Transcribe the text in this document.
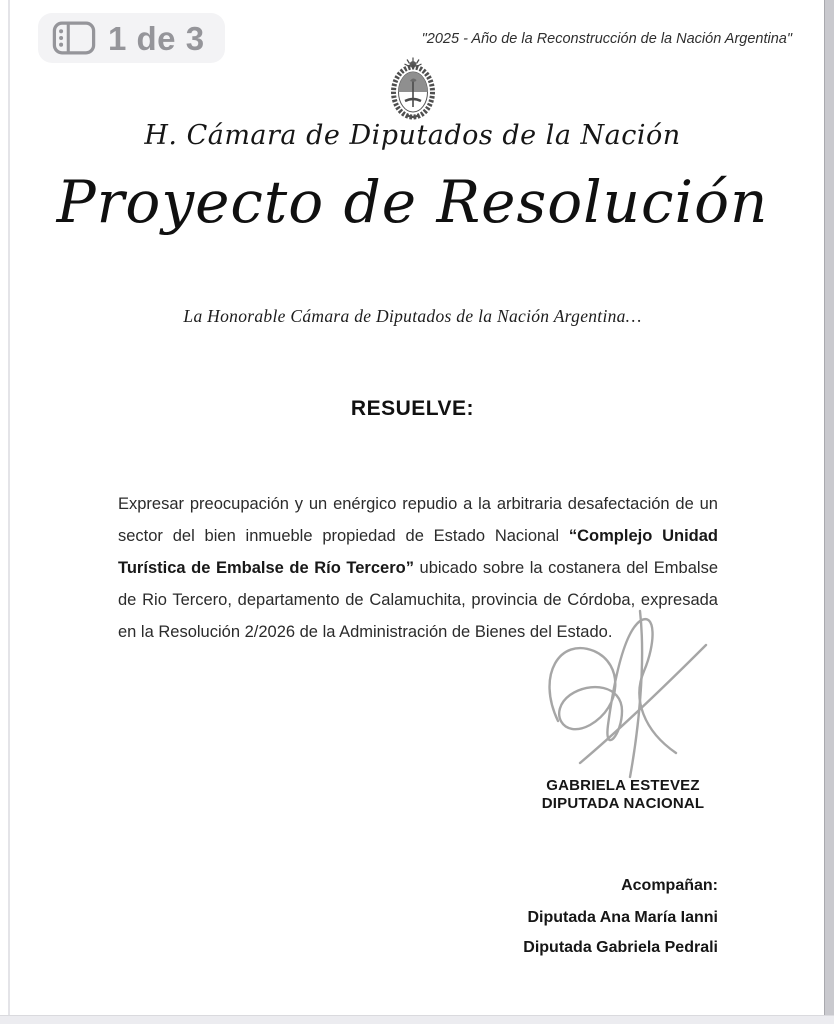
1 de 3	"2025 - Año de la Reconstrucción de la Nación Argentina"
H. Cámara de Diputados de la Nación
Proyecto de Resolución
La Honorable Cámara de Diputados de la Nación Argentina…
RESUELVE:

Expresar preocupación y un enérgico repudio a la arbitraria desafectación de un sector del bien inmueble propiedad de Estado Nacional “Complejo Unidad Turística de Embalse de Río Tercero” ubicado sobre la costanera del Embalse de Rio Tercero, departamento de Calamuchita, provincia de Córdoba, expresada en la Resolución 2/2026 de la Administración de Bienes del Estado.

GABRIELA ESTEVEZ
DIPUTADA NACIONAL
Acompañan:
Diputada Ana María Ianni
Diputada Gabriela Pedrali
